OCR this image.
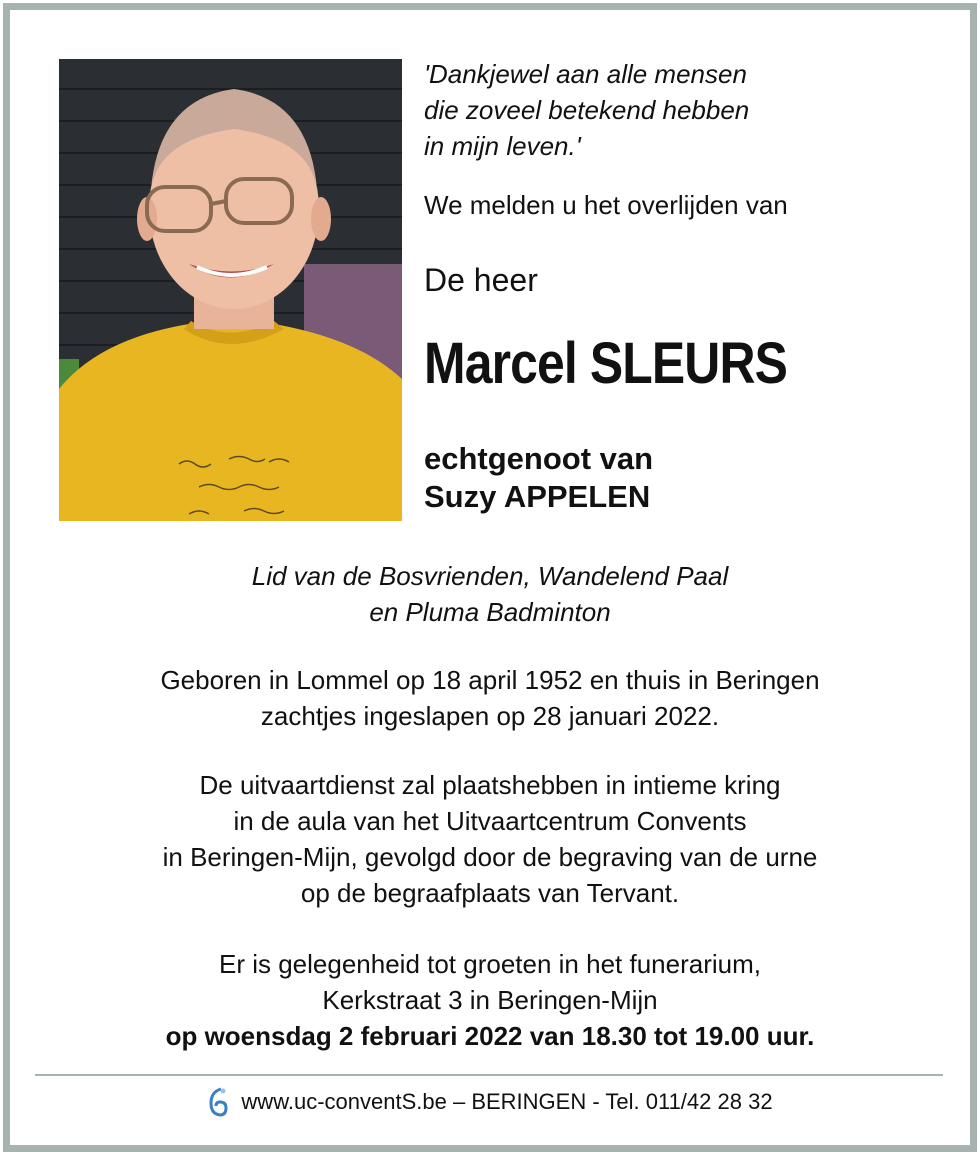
'Dankjewel aan alle mensen
die zoveel betekend hebben
in mijn leven.'
We melden u het overlijden van
De heer
Marcel SLEURS
echtgenoot van
Suzy APPELEN
Lid van de Bosvrienden, Wandelend Paal
en Pluma Badminton
Geboren in Lommel op 18 april 1952 en thuis in Beringen
zachtjes ingeslapen op 28 januari 2022.
De uitvaartdienst zal plaatshebben in intieme kring
in de aula van het Uitvaartcentrum Convents
in Beringen-Mijn, gevolgd door de begraving van de urne
op de begraafplaats van Tervant.
Er is gelegenheid tot groeten in het funerarium,
Kerkstraat 3 in Beringen-Mijn
op woensdag 2 februari 2022 van 18.30 tot 19.00 uur.
www.uc-conventS.be – BERINGEN - Tel. 011/42 28 32
